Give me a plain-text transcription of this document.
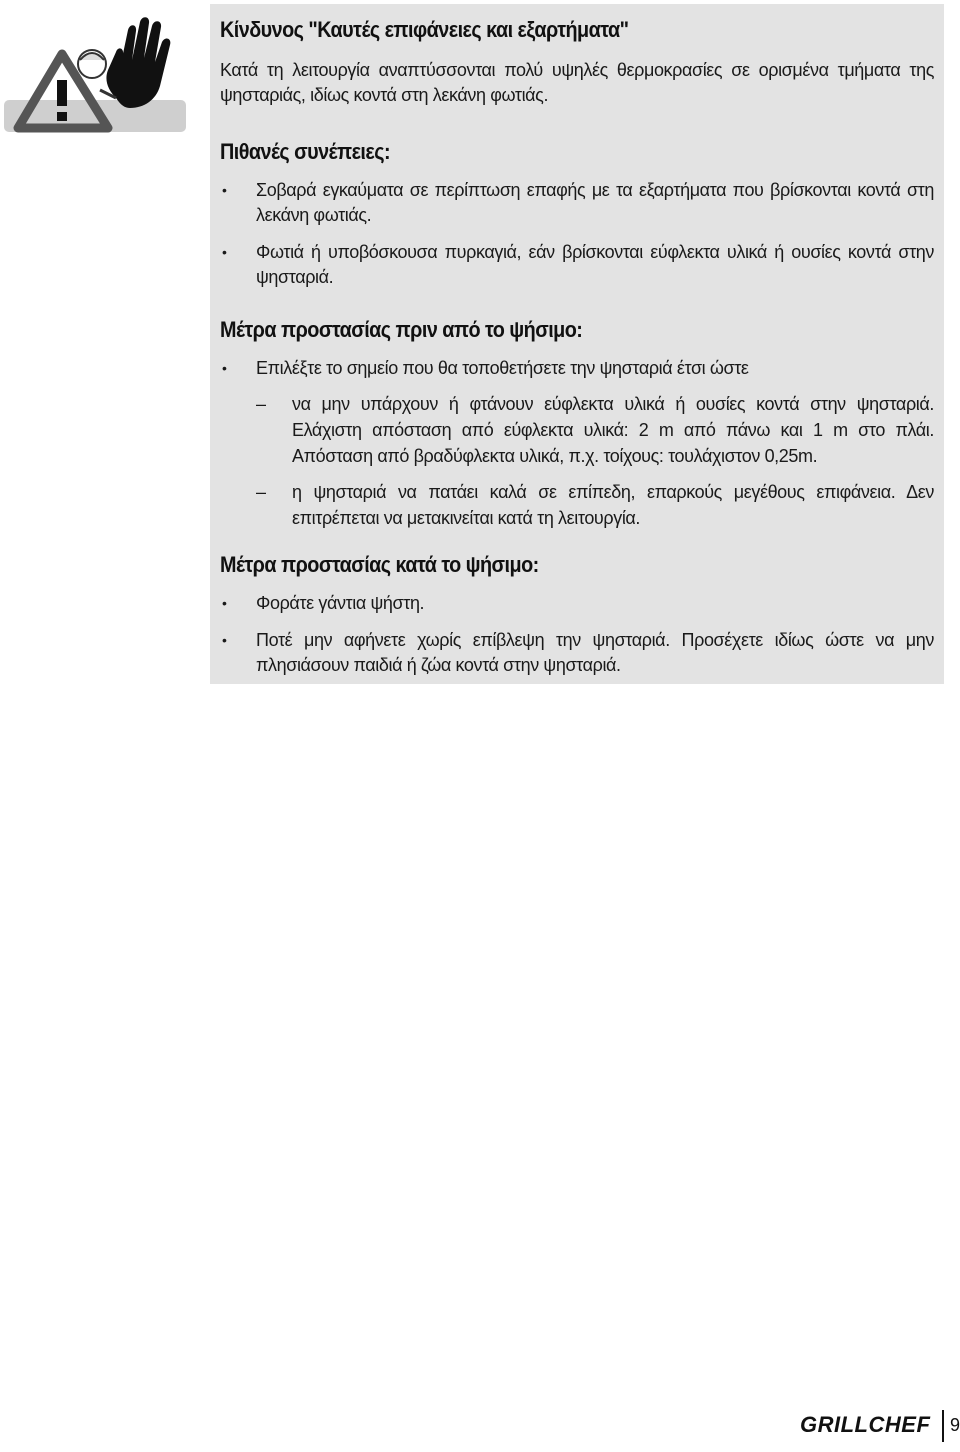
Κίνδυνος "Καυτές επιφάνειες και εξαρτήματα"

Κατά τη λειτουργία αναπτύσσονται πολύ υψηλές θερμοκρασίες σε ορισμένα τμήματα της ψησταριάς, ιδίως κοντά στη λεκάνη φωτιάς.

Πιθανές συνέπειες:
• Σοβαρά εγκαύματα σε περίπτωση επαφής με τα εξαρτήματα που βρίσκονται κοντά στη λεκάνη φωτιάς.
• Φωτιά ή υποβόσκουσα πυρκαγιά, εάν βρίσκονται εύφλεκτα υλικά ή ουσίες κοντά στην ψησταριά.
Μέτρα προστασίας πριν από το ψήσιμο:
• Επιλέξτε το σημείο που θα τοποθετήσετε την ψησταριά έτσι ώστε
– να μην υπάρχουν ή φτάνουν εύφλεκτα υλικά ή ουσίες κοντά στην ψησταριά. Ελάχιστη απόσταση από εύφλεκτα υλικά: 2 m από πάνω και 1 m στο πλάι. Απόσταση από βραδύφλεκτα υλικά, π.χ. τοίχους: τουλάχιστον 0,25m.
– η ψησταριά να πατάει καλά σε επίπεδη, επαρκούς μεγέθους επιφάνεια. Δεν επιτρέπεται να μετακινείται κατά τη λειτουργία.
Μέτρα προστασίας κατά το ψήσιμο:
• Φοράτε γάντια ψήστη.
• Ποτέ μην αφήνετε χωρίς επίβλεψη την ψησταριά. Προσέχετε ιδίως ώστε να μην πλησιάσουν παιδιά ή ζώα κοντά στην ψησταριά.
GRILLCHEF 9
